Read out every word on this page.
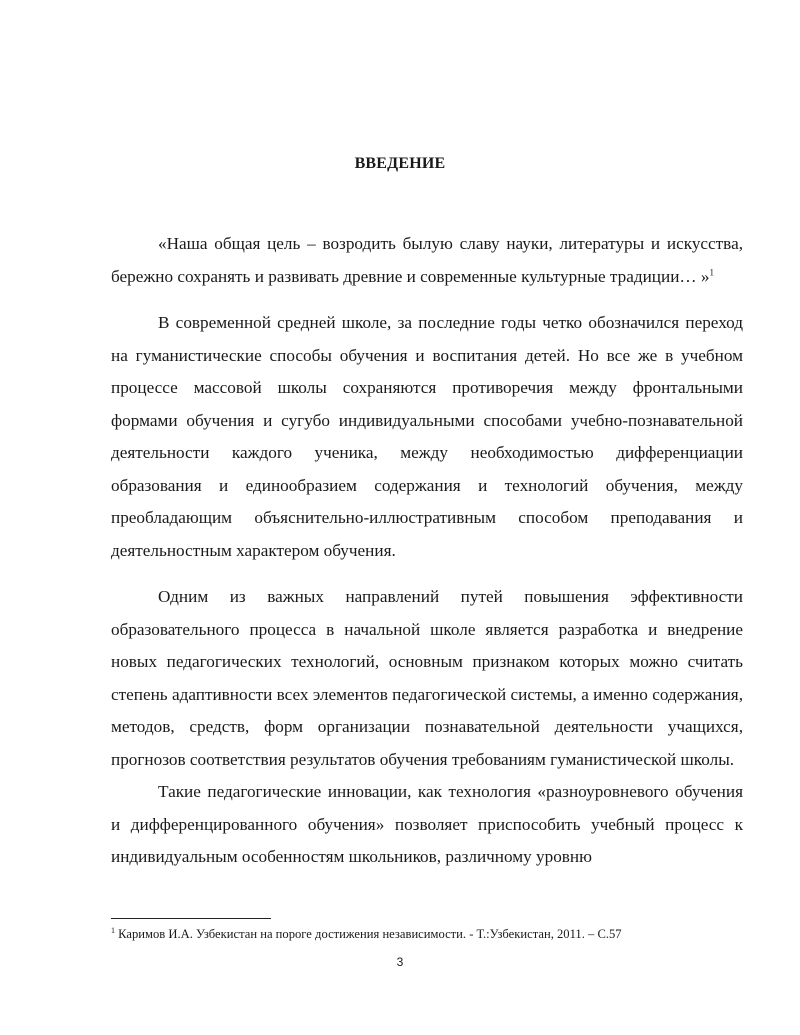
ВВЕДЕНИЕ

«Наша общая цель – возродить былую славу науки, литературы и искусства, бережно сохранять и развивать древние и современные культурные традиции… »$^1$

В современной средней школе, за последние годы четко обозначился переход на гуманистические способы обучения и воспитания детей. Но все же в учебном процессе массовой школы сохраняются противоречия между фронтальными формами обучения и сугубо индивидуальными способами учебно-познавательной деятельности каждого ученика, между необходимостью дифференциации образования и единообразием содержания и технологий обучения, между преобладающим объяснительно-иллюстративным способом преподавания и деятельностным характером обучения.

Одним из важных направлений путей повышения эффективности образовательного процесса в начальной школе является разработка и внедрение новых педагогических технологий, основным признаком которых можно считать степень адаптивности всех элементов педагогической системы, а именно содержания, методов, средств, форм организации познавательной деятельности учащихся, прогнозов соответствия результатов обучения требованиям гуманистической школы.

Такие педагогические инновации, как технология «разноуровневого обучения и дифференцированного обучения» позволяет приспособить учебный процесс к индивидуальным особенностям школьников, различному уровню

$^1$ Каримов И.А. Узбекистан на пороге достижения независимости. - Т.:Узбекистан, 2011. – С.57
3
